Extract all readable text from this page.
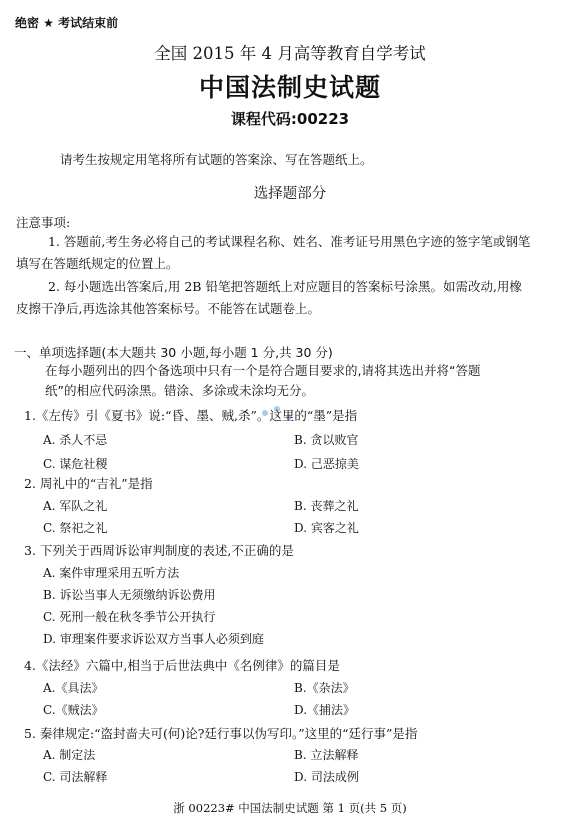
绝密 ★ 考试结束前
全国 2015 年 4 月高等教育自学考试
中国法制史试题
课程代码:00223
请考生按规定用笔将所有试题的答案涂、写在答题纸上。
选择题部分
注意事项:

1. 答题前,考生务必将自己的考试课程名称、姓名、准考证号用黑色字迹的签字笔或钢笔

填写在答题纸规定的位置上。

2. 每小题选出答案后,用 2B 铅笔把答题纸上对应题目的答案标号涂黑。如需改动,用橡

皮擦干净后,再选涂其他答案标号。不能答在试题卷上。

一、单项选择题(本大题共 30 小题,每小题 1 分,共 30 分)
在每小题列出的四个备选项中只有一个是符合题目要求的,请将其选出并将“答题
纸”的相应代码涂黑。错涂、多涂或未涂均无分。
1.《左传》引《夏书》说:“昏、墨、贼,杀”。这里的“墨”是指
A. 杀人不忌	B. 贪以败官
C. 谋危社稷	D. 己恶掠美
2. 周礼中的“吉礼”是指
A. 军队之礼	B. 丧葬之礼
C. 祭祀之礼	D. 宾客之礼
3. 下列关于西周诉讼审判制度的表述,不正确的是
A. 案件审理采用五听方法
B. 诉讼当事人无须缴纳诉讼费用
C. 死刑一般在秋冬季节公开执行
D. 审理案件要求诉讼双方当事人必须到庭
4.《法经》六篇中,相当于后世法典中《名例律》的篇目是
A.《具法》	B.《杂法》
C.《贼法》	D.《捕法》
5. 秦律规定:“盗封啬夫可(何)论?廷行事以伪写印。”这里的“廷行事”是指
A. 制定法	B. 立法解释
C. 司法解释	D. 司法成例
浙 00223# 中国法制史试题 第 1 页(共 5 页)
